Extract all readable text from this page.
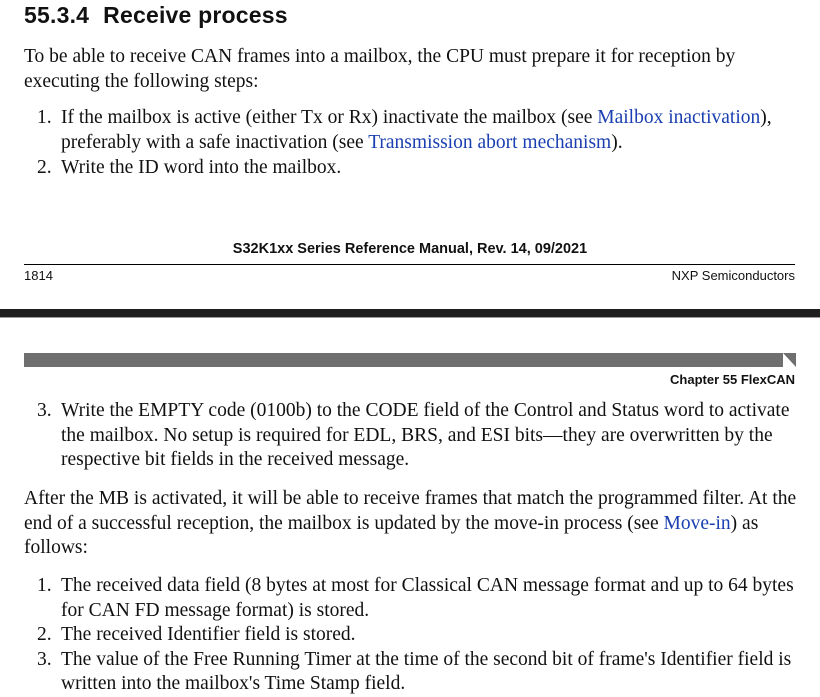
55.3.4 Receive process
To be able to receive CAN frames into a mailbox, the CPU must prepare it for reception by executing the following steps:
1. If the mailbox is active (either Tx or Rx) inactivate the mailbox (see Mailbox inactivation), preferably with a safe inactivation (see Transmission abort mechanism).
2. Write the ID word into the mailbox.
S32K1xx Series Reference Manual, Rev. 14, 09/2021
1814	NXP Semiconductors
Chapter 55 FlexCAN
3. Write the EMPTY code (0100b) to the CODE field of the Control and Status word to activate the mailbox. No setup is required for EDL, BRS, and ESI bits—they are overwritten by the respective bit fields in the received message.
After the MB is activated, it will be able to receive frames that match the programmed filter. At the end of a successful reception, the mailbox is updated by the move-in process (see Move-in) as follows:
1. The received data field (8 bytes at most for Classical CAN message format and up to 64 bytes for CAN FD message format) is stored.
2. The received Identifier field is stored.
3. The value of the Free Running Timer at the time of the second bit of frame's Identifier field is written into the mailbox's Time Stamp field.
